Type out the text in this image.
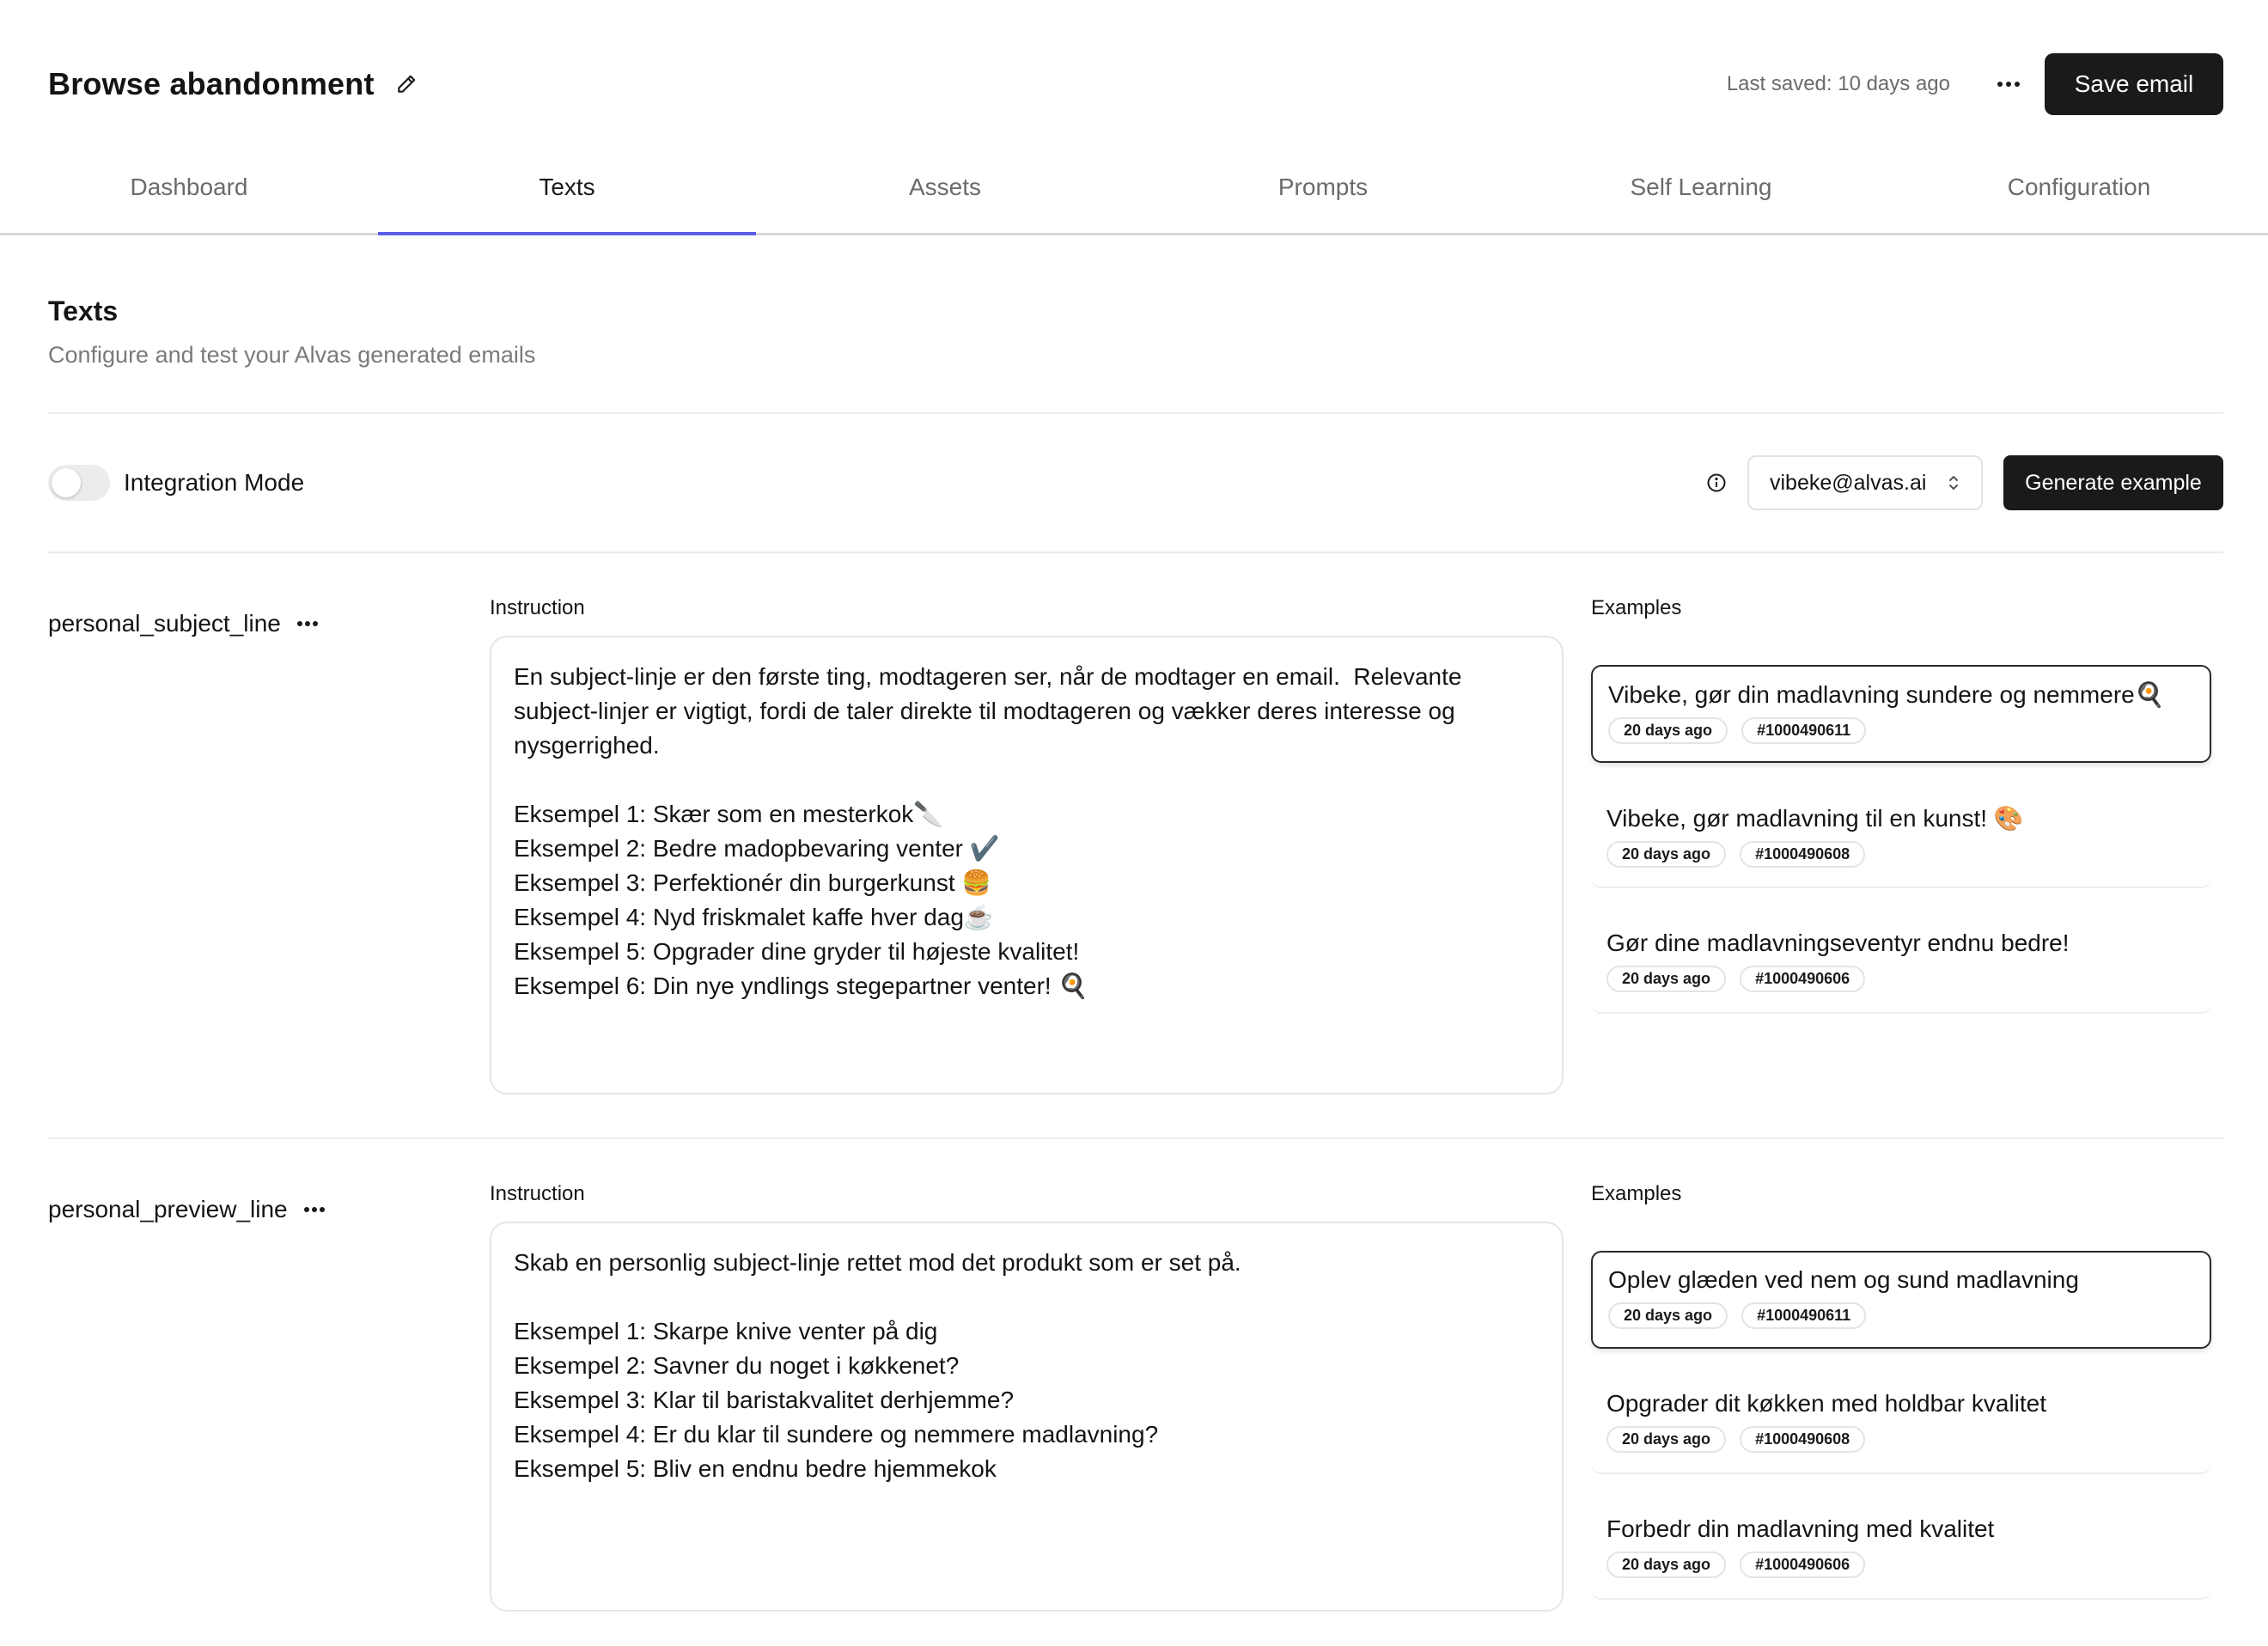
Browse abandonment	Last saved: 10 days ago	Save email
Dashboard	Texts	Assets	Prompts	Self Learning	Configuration
Texts
Configure and test your Alvas generated emails
Integration Mode	vibeke@alvas.ai	Generate example
personal_subject_line
Instruction
En subject-linje er den første ting, modtageren ser, når de modtager en email.  Relevante subject-linjer er vigtigt, fordi de taler direkte til modtageren og vækker deres interesse og nysgerrighed.

Eksempel 1: Skær som en mesterkok🔪
Eksempel 2: Bedre madopbevaring venter ✔️
Eksempel 3: Perfektionér din burgerkunst 🍔
Eksempel 4: Nyd friskmalet kaffe hver dag☕
Eksempel 5: Opgrader dine gryder til højeste kvalitet!
Eksempel 6: Din nye yndlings stegepartner venter! 🍳
Examples
Vibeke, gør din madlavning sundere og nemmere🍳
20 days ago	#1000490611
Vibeke, gør madlavning til en kunst! 🎨
20 days ago	#1000490608
Gør dine madlavningseventyr endnu bedre!
20 days ago	#1000490606
personal_preview_line
Instruction
Skab en personlig subject-linje rettet mod det produkt som er set på.

Eksempel 1: Skarpe knive venter på dig
Eksempel 2: Savner du noget i køkkenet?
Eksempel 3: Klar til baristakvalitet derhjemme?
Eksempel 4: Er du klar til sundere og nemmere madlavning?
Eksempel 5: Bliv en endnu bedre hjemmekok
Examples
Oplev glæden ved nem og sund madlavning
20 days ago	#1000490611
Opgrader dit køkken med holdbar kvalitet
20 days ago	#1000490608
Forbedr din madlavning med kvalitet
20 days ago	#1000490606
